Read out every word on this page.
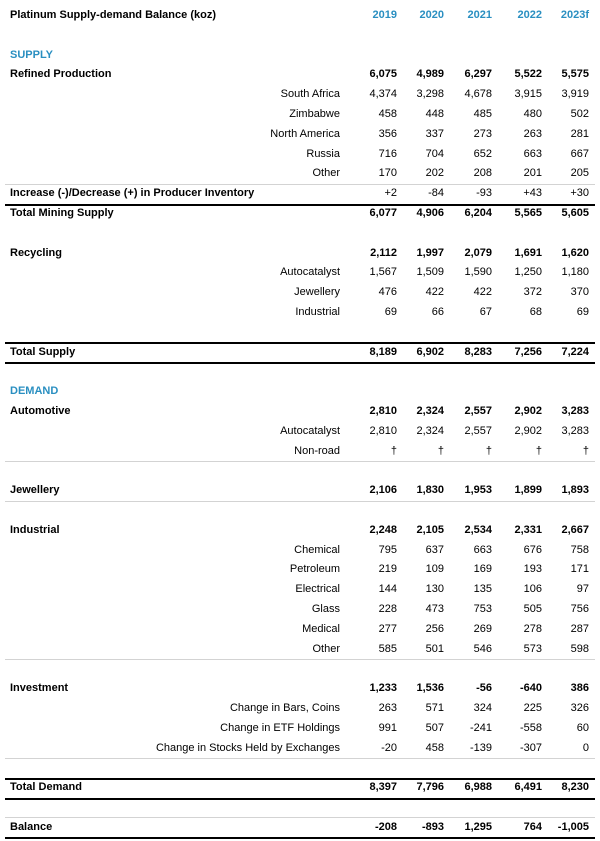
Platinum Supply-demand Balance (koz)	2019	2020	2021	2022	2023f
SUPPLY
Refined Production	6,075	4,989	6,297	5,522	5,575
South Africa	4,374	3,298	4,678	3,915	3,919
Zimbabwe	458	448	485	480	502
North America	356	337	273	263	281
Russia	716	704	652	663	667
Other	170	202	208	201	205
Increase (-)/Decrease (+) in Producer Inventory	+2	-84	-93	+43	+30
Total Mining Supply	6,077	4,906	6,204	5,565	5,605
Recycling	2,112	1,997	2,079	1,691	1,620
Autocatalyst	1,567	1,509	1,590	1,250	1,180
Jewellery	476	422	422	372	370
Industrial	69	66	67	68	69
Total Supply	8,189	6,902	8,283	7,256	7,224
DEMAND
Automotive	2,810	2,324	2,557	2,902	3,283
Autocatalyst	2,810	2,324	2,557	2,902	3,283
Non-road	†	†	†	†	†
Jewellery	2,106	1,830	1,953	1,899	1,893
Industrial	2,248	2,105	2,534	2,331	2,667
Chemical	795	637	663	676	758
Petroleum	219	109	169	193	171
Electrical	144	130	135	106	97
Glass	228	473	753	505	756
Medical	277	256	269	278	287
Other	585	501	546	573	598
Investment	1,233	1,536	-56	-640	386
Change in Bars, Coins	263	571	324	225	326
Change in ETF Holdings	991	507	-241	-558	60
Change in Stocks Held by Exchanges	-20	458	-139	-307	0
Total Demand	8,397	7,796	6,988	6,491	8,230
Balance	-208	-893	1,295	764	-1,005
